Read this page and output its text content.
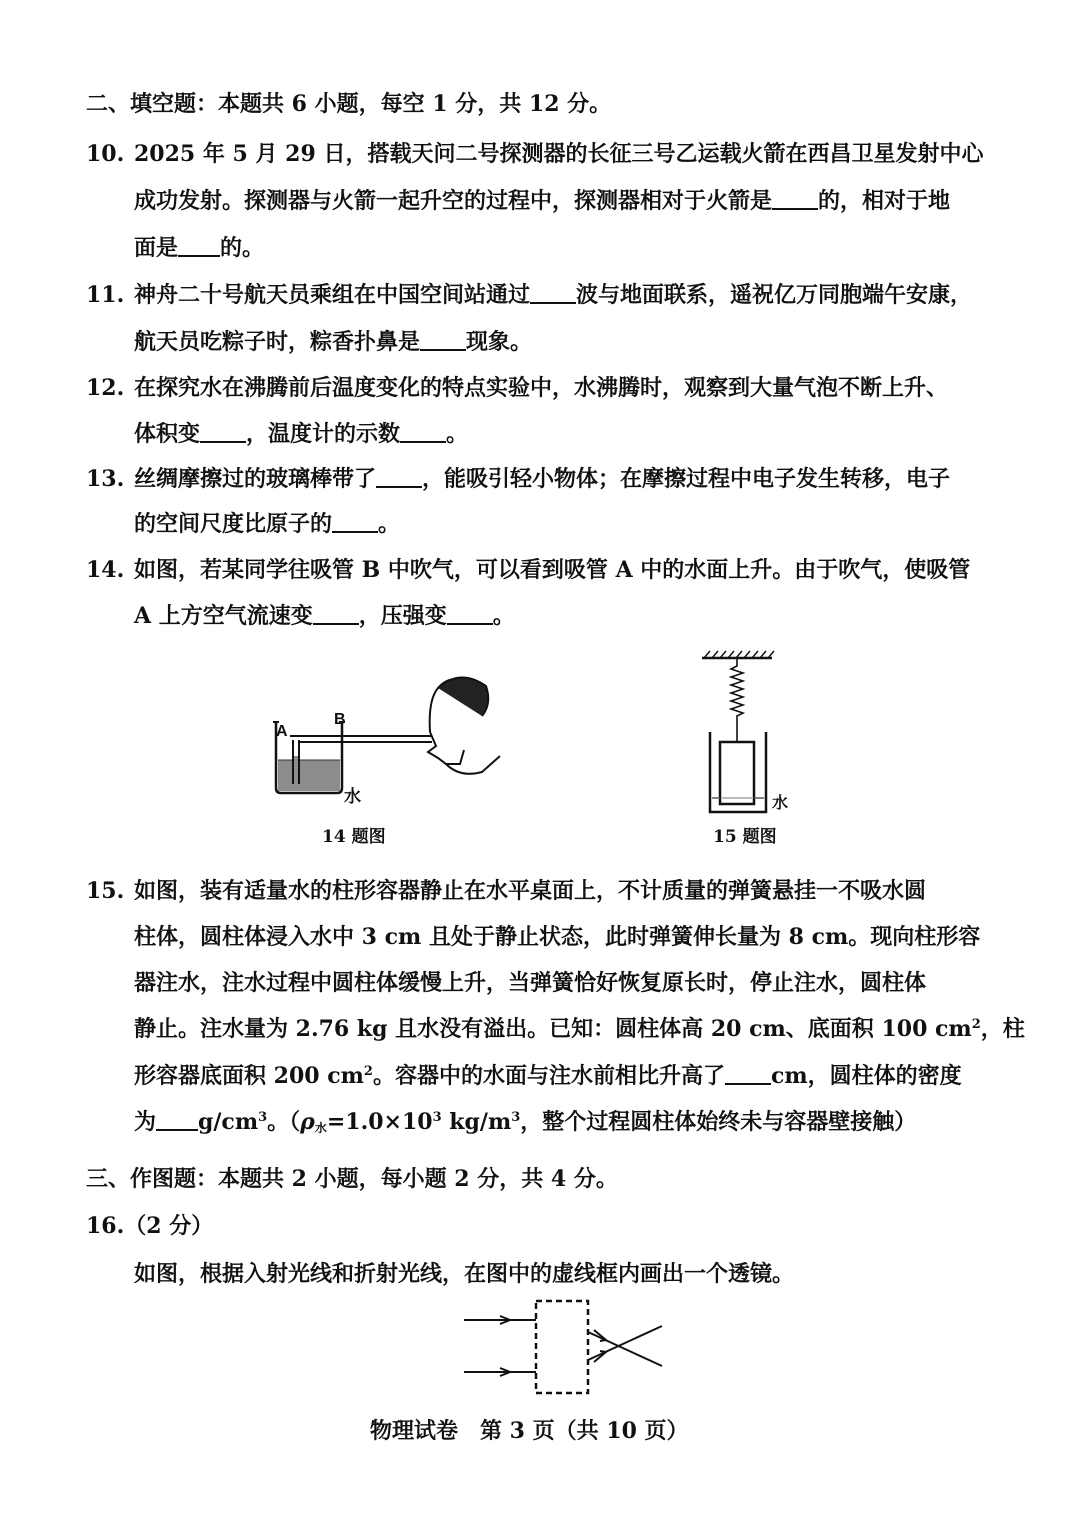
二、填空题：本题共 6 小题，每空 1 分，共 12 分。
10. 2025 年 5 月 29 日，搭载天问二号探测器的长征三号乙运载火箭在西昌卫星发射中心
成功发射。探测器与火箭一起升空的过程中，探测器相对于火箭是 的，相对于地
面是 的。
11. 神舟二十号航天员乘组在中国空间站通过 波与地面联系，遥祝亿万同胞端午安康，
航天员吃粽子时，粽香扑鼻是 现象。
12. 在探究水在沸腾前后温度变化的特点实验中，水沸腾时，观察到大量气泡不断上升、
体积变 ，温度计的示数 。
13. 丝绸摩擦过的玻璃棒带了 ，能吸引轻小物体；在摩擦过程中电子发生转移，电子
的空间尺度比原子的 。
14. 如图，若某同学往吸管 B 中吹气，可以看到吸管 A 中的水面上升。由于吹气，使吸管
A 上方空气流速变 ，压强变 。
A
B
水
14 题图
水
15 题图
15. 如图，装有适量水的柱形容器静止在水平桌面上，不计质量的弹簧悬挂一不吸水圆
柱体，圆柱体浸入水中 3 cm 且处于静止状态，此时弹簧伸长量为 8 cm。现向柱形容
器注水，注水过程中圆柱体缓慢上升，当弹簧恰好恢复原长时，停止注水，圆柱体
静止。注水量为 2.76 kg 且水没有溢出。已知：圆柱体高 20 cm、底面积 100 $cm^2$，柱
形容器底面积 200 $cm^2$。容器中的水面与注水前相比升高了 cm，圆柱体的密度
为 $g/cm^3$。（$\rho_水=1.0\times 10^3$ $kg/m^3$，整个过程圆柱体始终未与容器壁接触）
三、作图题：本题共 2 小题，每小题 2 分，共 4 分。
16.（2 分）
如图，根据入射光线和折射光线，在图中的虚线框内画出一个透镜。
物理试卷　第 3 页（共 10 页）
